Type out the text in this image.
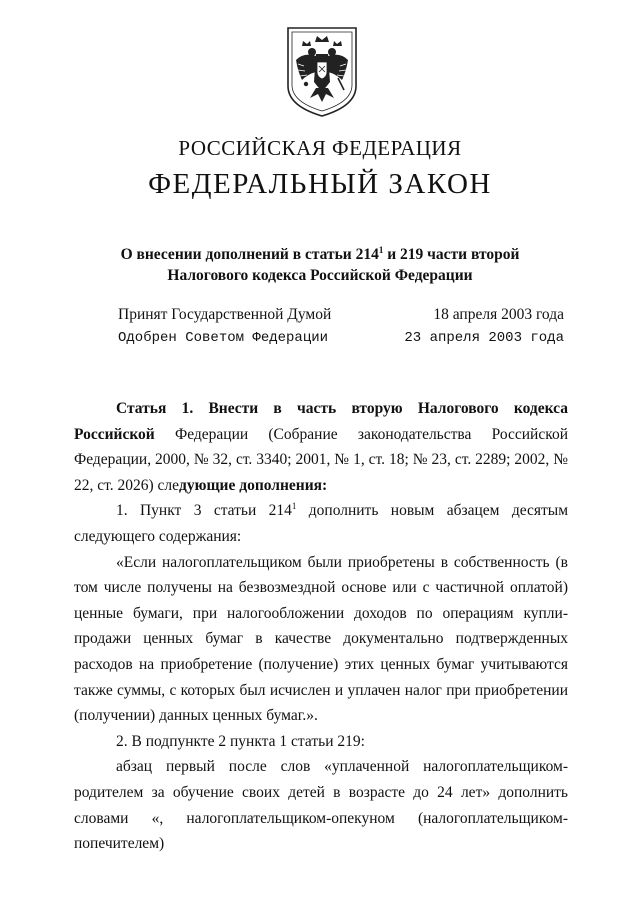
РОССИЙСКАЯ ФЕДЕРАЦИЯ
ФЕДЕРАЛЬНЫЙ ЗАКОН
О внесении дополнений в статьи $214^1$ и 219 части второй
Налогового кодекса Российской Федерации
Принят Государственной Думой	18 апреля 2003 года
Одобрен Советом Федерации	23 апреля 2003 года

Статья 1. Внести в часть вторую Налогового кодекса Российской Федерации (Собрание законодательства Российской Федерации, 2000, № 32, ст. 3340; 2001, № 1, ст. 18; № 23, ст. 2289; 2002, № 22, ст. 2026) следующие дополнения:

1. Пункт 3 статьи $214^1$ дополнить новым абзацем десятым следующего содержания:

«Если налогоплательщиком были приобретены в собственность (в том числе получены на безвозмездной основе или с частичной оплатой) ценные бумаги, при налогообложении доходов по операциям купли-продажи ценных бумаг в качестве документально подтвержденных расходов на приобретение (получение) этих ценных бумаг учитываются также суммы, с которых был исчислен и уплачен налог при приобретении (получении) данных ценных бумаг.».

2. В подпункте 2 пункта 1 статьи 219:

абзац первый после слов «уплаченной налогоплательщиком-родителем за обучение своих детей в возрасте до 24 лет» дополнить словами «, налогоплательщиком-опекуном (налогоплательщиком-попечителем)
